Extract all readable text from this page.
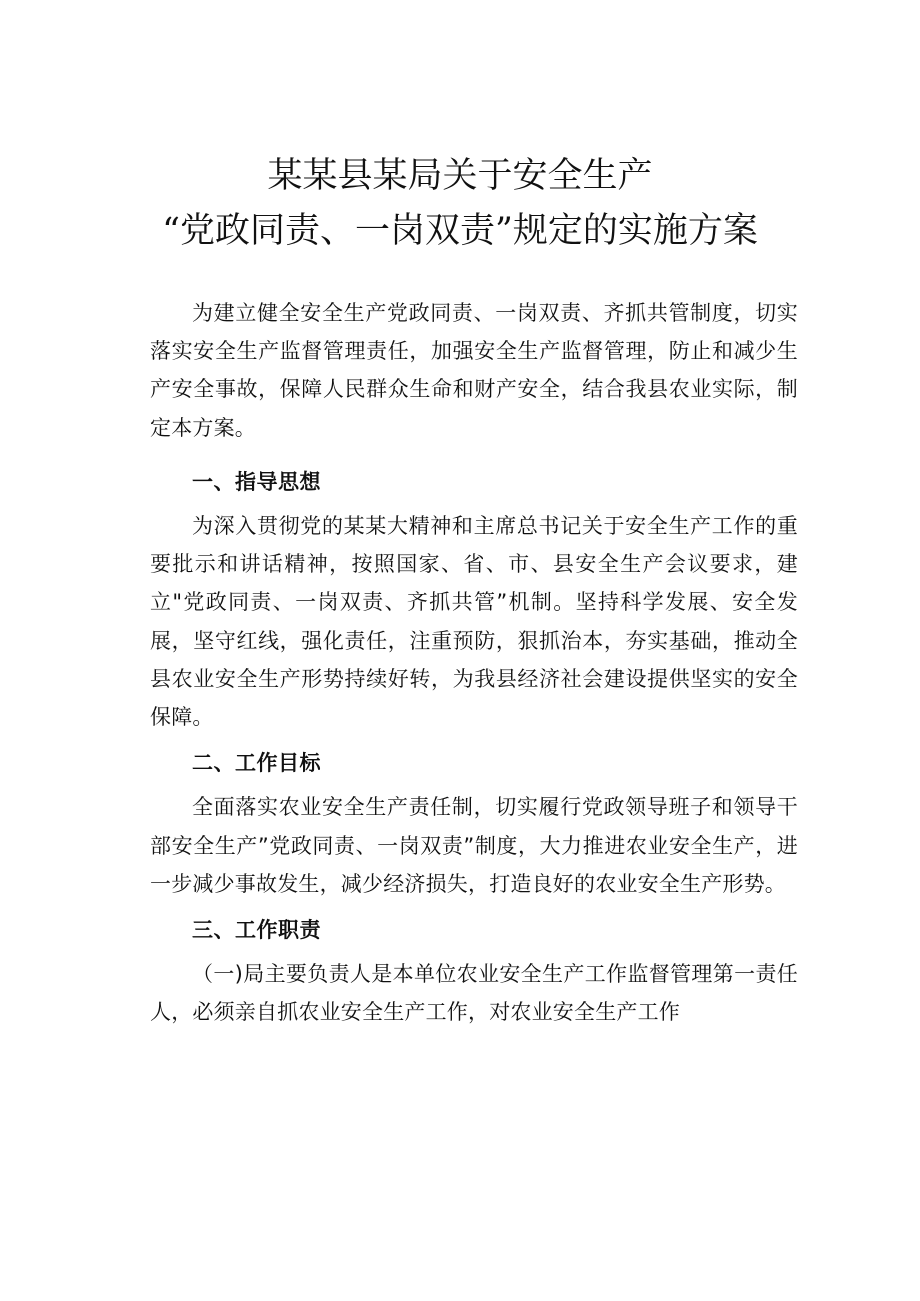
某某县某局关于安全生产
“党政同责、一岗双责”规定的实施方案

为建立健全安全生产党政同责、一岗双责、齐抓共管制度，切实落实安全生产监督管理责任，加强安全生产监督管理，防止和减少生产安全事故，保障人民群众生命和财产安全，结合我县农业实际，制定本方案。

一、指导思想

为深入贯彻党的某某大精神和主席总书记关于安全生产工作的重要批示和讲话精神，按照国家、省、市、县安全生产会议要求，建立"党政同责、一岗双责、齐抓共管”机制。坚持科学发展、安全发展，坚守红线，强化责任，注重预防，狠抓治本，夯实基础，推动全县农业安全生产形势持续好转，为我县经济社会建设提供坚实的安全保障。

二、工作目标

全面落实农业安全生产责任制，切实履行党政领导班子和领导干部安全生产”党政同责、一岗双责”制度，大力推进农业安全生产，进一步减少事故发生，减少经济损失，打造良好的农业安全生产形势。

三、工作职责

（一)局主要负责人是本单位农业安全生产工作监督管理第一责任人，必须亲自抓农业安全生产工作，对农业安全生产工作
